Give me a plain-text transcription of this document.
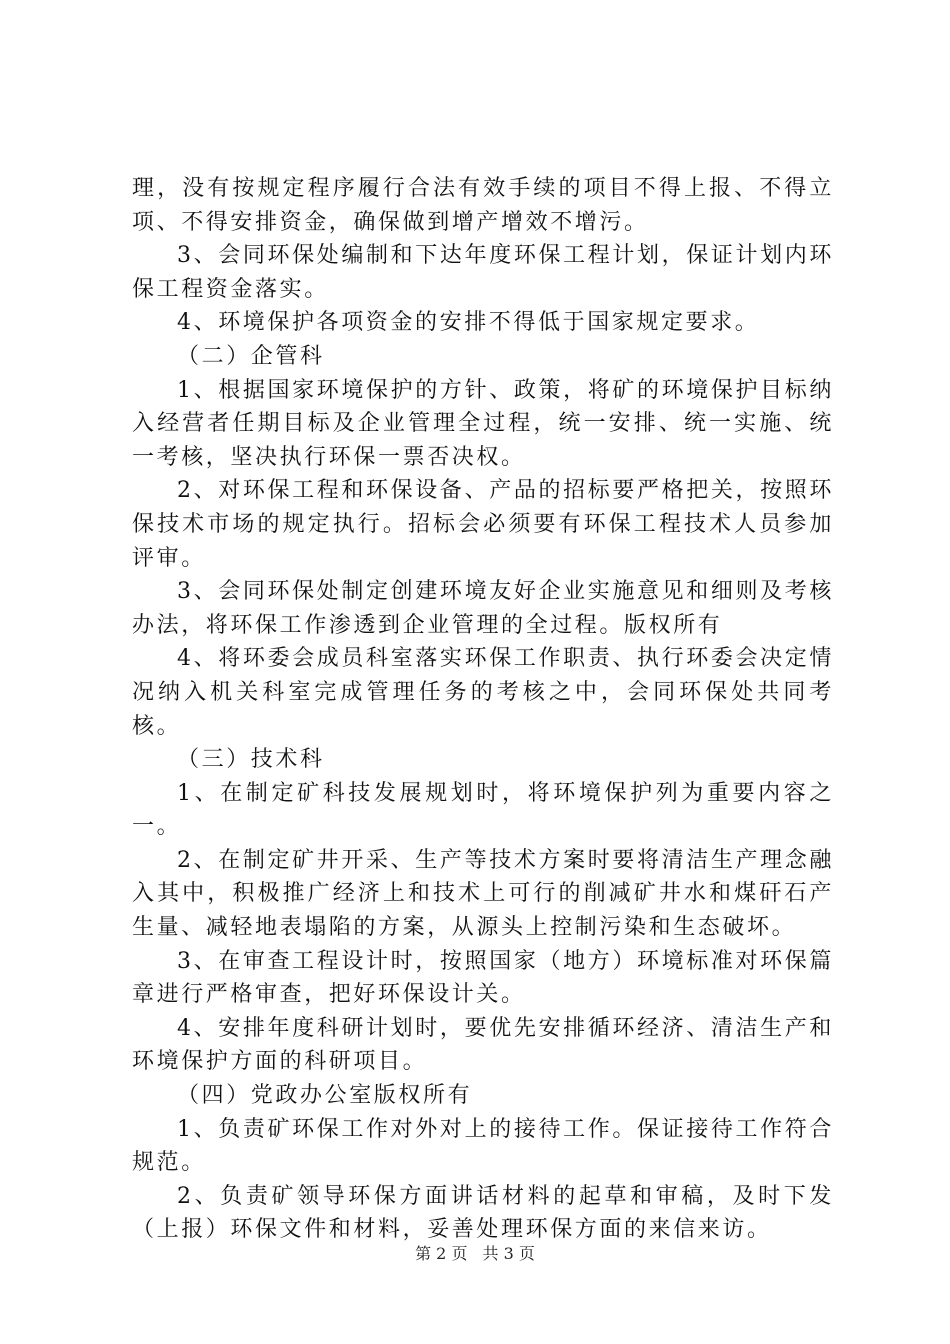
理，没有按规定程序履行合法有效手续的项目不得上报、不得立项、不得安排资金，确保做到增产增效不增污。

3、会同环保处编制和下达年度环保工程计划，保证计划内环保工程资金落实。

4、环境保护各项资金的安排不得低于国家规定要求。

（二）企管科

1、根据国家环境保护的方针、政策，将矿的环境保护目标纳入经营者任期目标及企业管理全过程，统一安排、统一实施、统一考核，坚决执行环保一票否决权。

2、对环保工程和环保设备、产品的招标要严格把关，按照环保技术市场的规定执行。招标会必须要有环保工程技术人员参加评审。

3、会同环保处制定创建环境友好企业实施意见和细则及考核办法，将环保工作渗透到企业管理的全过程。版权所有

4、将环委会成员科室落实环保工作职责、执行环委会决定情况纳入机关科室完成管理任务的考核之中，会同环保处共同考核。

（三）技术科

1、在制定矿科技发展规划时，将环境保护列为重要内容之一。

2、在制定矿井开采、生产等技术方案时要将清洁生产理念融入其中，积极推广经济上和技术上可行的削减矿井水和煤矸石产生量、减轻地表塌陷的方案，从源头上控制污染和生态破坏。

3、在审查工程设计时，按照国家（地方）环境标准对环保篇章进行严格审查，把好环保设计关。

4、安排年度科研计划时，要优先安排循环经济、清洁生产和环境保护方面的科研项目。

（四）党政办公室版权所有

1、负责矿环保工作对外对上的接待工作。保证接待工作符合规范。

2、负责矿领导环保方面讲话材料的起草和审稿，及时下发（上报）环保文件和材料，妥善处理环保方面的来信来访。

第 2 页 共 3 页
